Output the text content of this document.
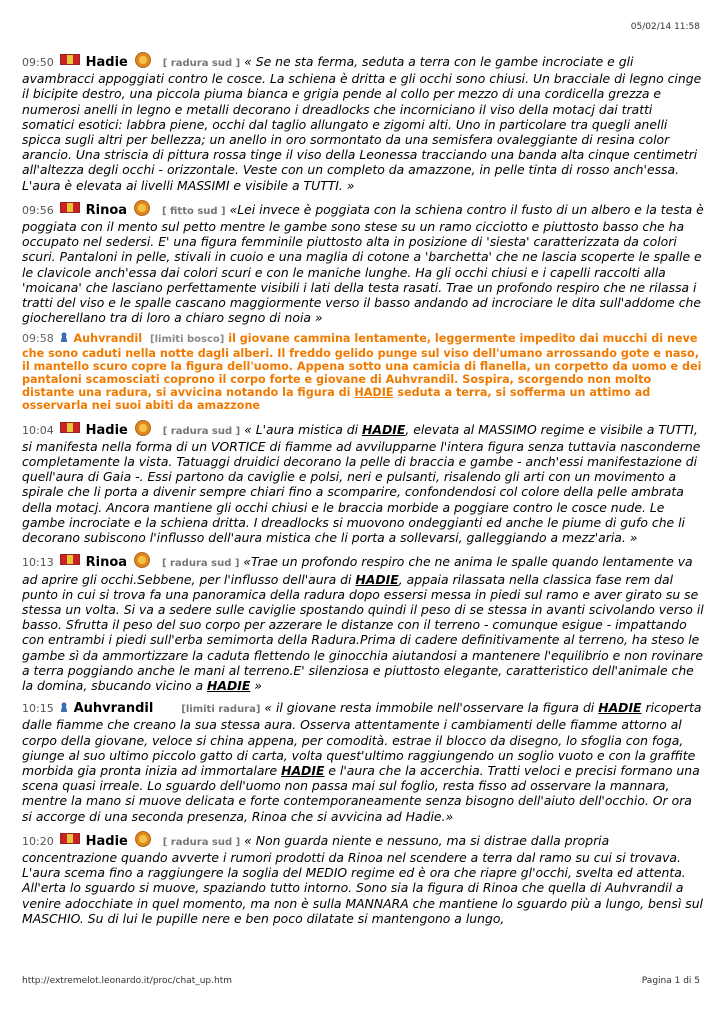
05/02/14 11:58
09:50 Hadie	[ radura sud ] « Se ne sta ferma, seduta a terra con le gambe incrociate e gli avambracci appoggiati contro le cosce. La schiena è dritta e gli occhi sono chiusi. Un bracciale di legno cinge il bicipite destro, una piccola piuma bianca e grigia pende al collo per mezzo di una cordicella grezza e numerosi anelli in legno e metalli decorano i dreadlocks che incorniciano il viso della motacj dai tratti somatici esotici: labbra piene, occhi dal taglio allungato e zigomi alti. Uno in particolare tra quegli anelli spicca sugli altri per bellezza; un anello in oro sormontato da una semisfera ovaleggiante di resina color arancio. Una striscia di pittura rossa tinge il viso della Leonessa tracciando una banda alta cinque centimetri all'altezza degli occhi - orizzontale. Veste con un completo da amazzone, in pelle tinta di rosso anch'essa. L'aura è elevata ai livelli MASSIMI e visibile a TUTTI. »
09:56 Rinoa	[ fitto sud ] «Lei invece è poggiata con la schiena contro il fusto di un albero e la testa è poggiata con il mento sul petto mentre le gambe sono stese su un ramo cicciotto e piuttosto basso che ha occupato nel sedersi. E' una figura femminile piuttosto alta in posizione di 'siesta' caratterizzata da colori scuri. Pantaloni in pelle, stivali in cuoio e una maglia di cotone a 'barchetta' che ne lascia scoperte le spalle e le clavicole anch'essa dai colori scuri e con le maniche lunghe. Ha gli occhi chiusi e i capelli raccolti alla 'moicana' che lasciano perfettamente visibili i lati della testa rasati. Trae un profondo respiro che ne rilassa i tratti del viso e le spalle cascano maggiormente verso il basso andando ad incrociare le dita sull'addome che giocherellano tra di loro a chiaro segno di noia »
09:58 Auhvrandil [limiti bosco] il giovane cammina lentamente, leggermente impedito dai mucchi di neve che sono caduti nella notte dagli alberi. Il freddo gelido punge sul viso dell'umano arrossando gote e naso, il mantello scuro copre la figura dell'uomo. Appena sotto una camicia di flanella, un corpetto da uomo e dei pantaloni scamosciati coprono il corpo forte e giovane di Auhvrandil. Sospira, scorgendo non molto distante una radura, si avvicina notando la figura di HADIE seduta a terra, si sofferma un attimo ad osservarla nei suoi abiti da amazzone
10:04 Hadie	[ radura sud ] « L'aura mistica di HADIE, elevata al MASSIMO regime e visibile a TUTTI, si manifesta nella forma di un VORTICE di fiamme ad avvilupparne l'intera figura senza tuttavia nasconderne completamente la vista. Tatuaggi druidici decorano la pelle di braccia e gambe - anch'essi manifestazione di quell'aura di Gaia -. Essi partono da caviglie e polsi, neri e pulsanti, risalendo gli arti con un movimento a spirale che li porta a divenir sempre chiari fino a scomparire, confondendosi col colore della pelle ambrata della motacj. Ancora mantiene gli occhi chiusi e le braccia morbide a poggiare contro le cosce nude. Le gambe incrociate e la schiena dritta. I dreadlocks si muovono ondeggianti ed anche le piume di gufo che li decorano subiscono l'influsso dell'aura mistica che li porta a sollevarsi, galleggiando a mezz'aria. »
10:13 Rinoa	[ radura sud ] «Trae un profondo respiro che ne anima le spalle quando lentamente va ad aprire gli occhi.Sebbene, per l'influsso dell'aura di HADIE, appaia rilassata nella classica fase rem dal punto in cui si trova fa una panoramica della radura dopo essersi messa in piedi sul ramo e aver girato su se stessa un volta. Si va a sedere sulle caviglie spostando quindi il peso di se stessa in avanti scivolando verso il basso. Sfrutta il peso del suo corpo per azzerare le distanze con il terreno - comunque esigue - impattando con entrambi i piedi sull'erba semimorta della Radura.Prima di cadere definitivamente al terreno, ha steso le gambe sì da ammortizzare la caduta flettendo le ginocchia aiutandosi a mantenere l'equilibrio e non rovinare a terra poggiando anche le mani al terreno.E' silenziosa e piuttosto elegante, caratteristico dell'animale che la domina, sbucando vicino a HADIE »
10:15 Auhvrandil	[limiti radura] « il giovane resta immobile nell'osservare la figura di HADIE ricoperta dalle fiamme che creano la sua stessa aura. Osserva attentamente i cambiamenti delle fiamme attorno al corpo della giovane, veloce si china appena, per comodità. estrae il blocco da disegno, lo sfoglia con foga, giunge al suo ultimo piccolo gatto di carta, volta quest'ultimo raggiungendo un soglio vuoto e con la graffite morbida gia pronta inizia ad immortalare HADIE e l'aura che la accerchia. Tratti veloci e precisi formano una scena quasi irreale. Lo sguardo dell'uomo non passa mai sul foglio, resta fisso ad osservare la mannara, mentre la mano si muove delicata e forte contemporaneamente senza bisogno dell'aiuto dell'occhio. Or ora si accorge di una seconda presenza, Rinoa che si avvicina ad Hadie.»
10:20 Hadie	[ radura sud ] « Non guarda niente e nessuno, ma si distrae dalla propria concentrazione quando avverte i rumori prodotti da Rinoa nel scendere a terra dal ramo su cui si trovava. L'aura scema fino a raggiungere la soglia del MEDIO regime ed è ora che riapre gl'occhi, svelta ed attenta. All'erta lo sguardo si muove, spaziando tutto intorno. Sono sia la figura di Rinoa che quella di Auhvrandil a venire adocchiate in quel momento, ma non è sulla MANNARA che mantiene lo sguardo più a lungo, bensì sul MASCHIO. Su di lui le pupille nere e ben poco dilatate si mantengono a lungo,
http://extremelot.leonardo.it/proc/chat_up.htm	Pagina 1 di 5
